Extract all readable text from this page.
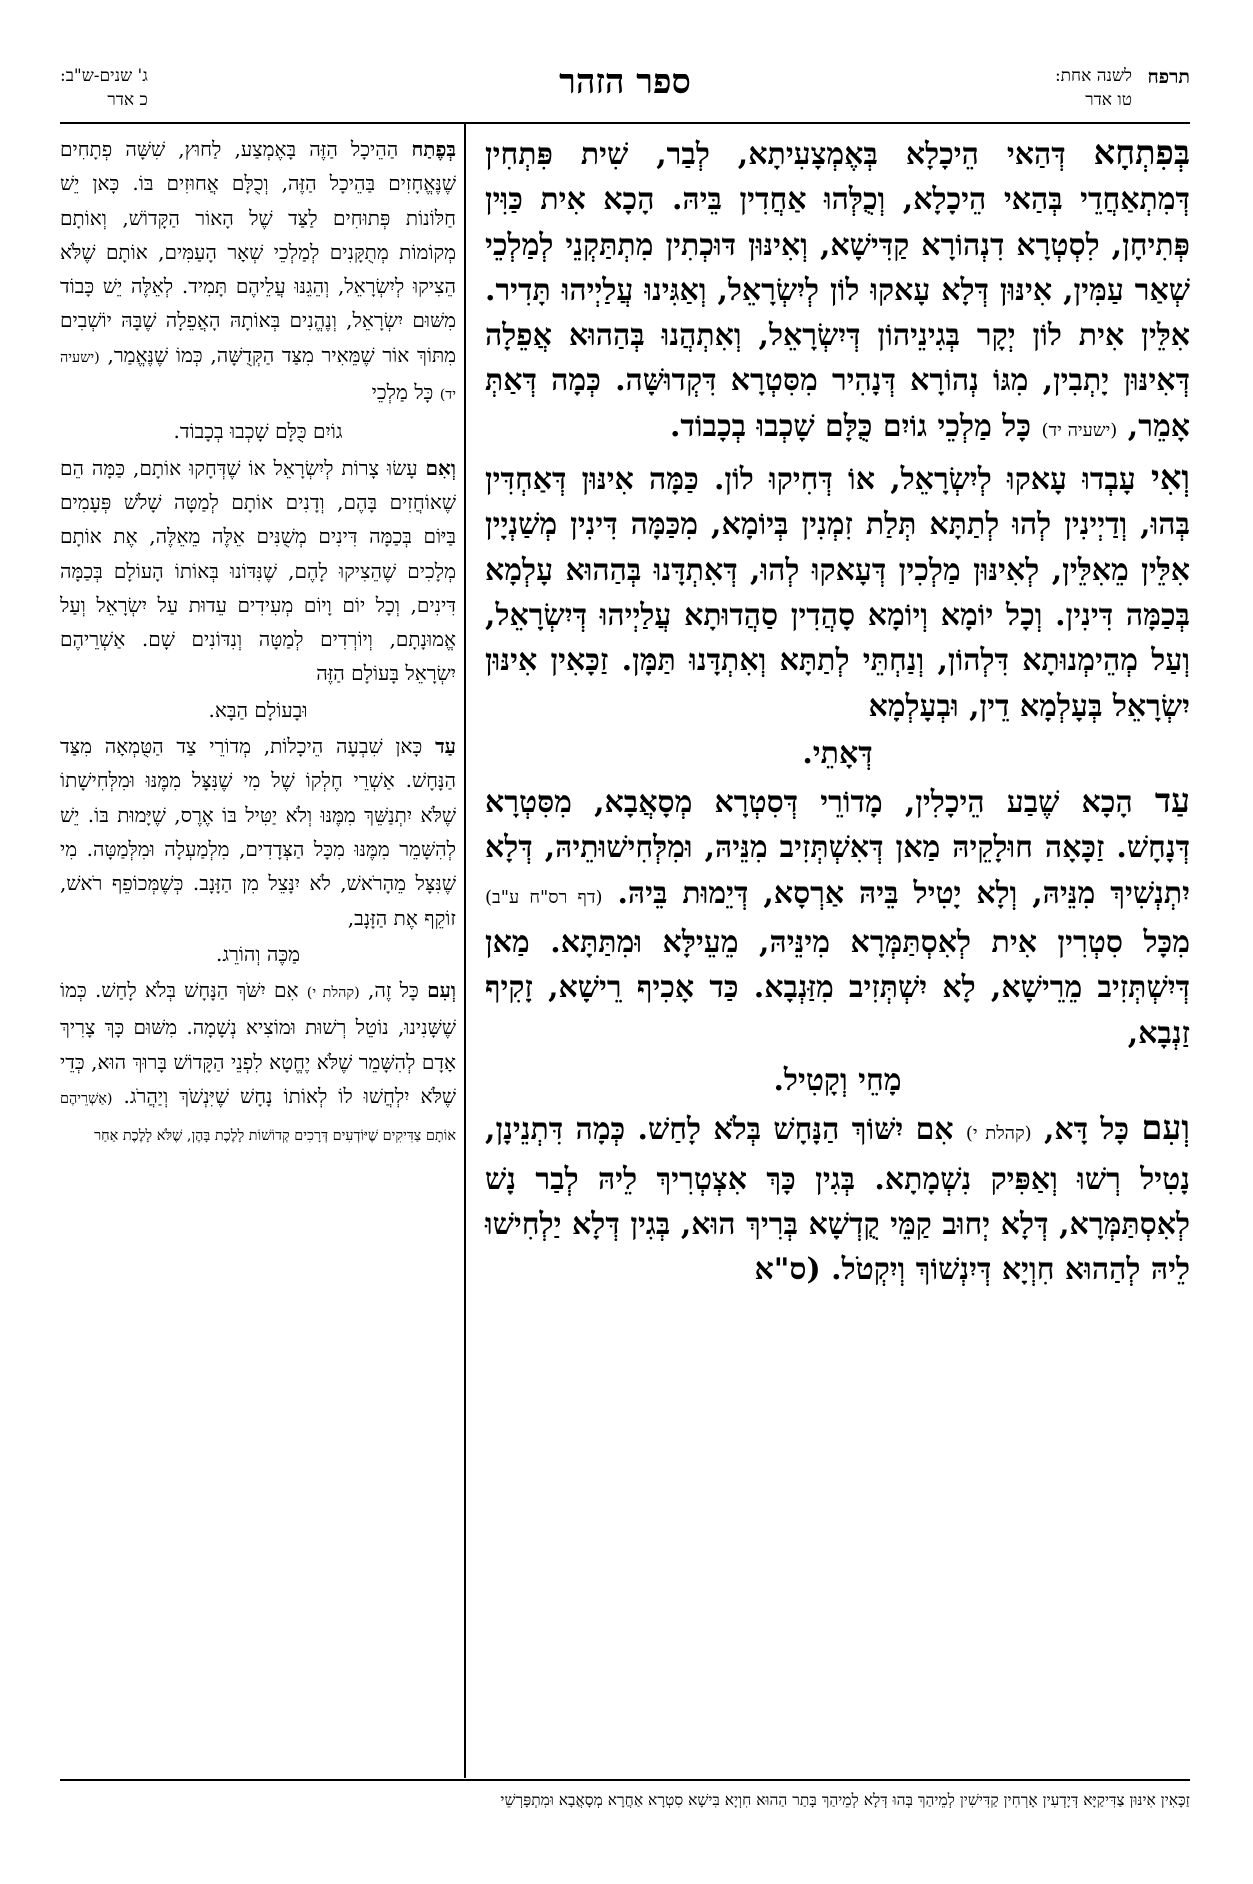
תרפח
לשנה אחת:
טו אדר
ספר הזהר
ג' שנים-ש"ב:
כ אדר

בְּפִתְחָא דְּהַאי הֵיכָלָא בְּאֶמְצָעִיתָא, לְבַר, שִׁית פִּתְחִין דְּמִתְאַחֲדֵי בְּהַאי הֵיכָלָא, וְכֻלְּהוּ אַחֲדִין בֵּיהּ. הָכָא אִית כַּוִּין פְּתִיחָן, לִסְטְרָא דִנְהוֹרָא קַדִּישָׁא, וְאִינּוּן דּוּכְתִין מִתְתַּקְנֵי לְמַלְכֵי שְׁאַר עַמִּין, אִינּוּן דְּלָא עָאקוּ לוֹן לְיִשְׂרָאֵל, וְאַגִּינוּ עֲלַיְיהוּ תָּדִיר. אִלֵּין אִית לוֹן יְקָר בְּגִינֵיהוֹן דְּיִשְׂרָאֵל, וְאִתְהֲנוּ בְּהַהוּא אֲפֵלָה דְּאִינּוּן יָתְבִין, מִגּוֹ נְהוֹרָא דְּנָהִיר מִסִּטְרָא דִּקְדוּשָּׁה. כְּמָה דְּאַתְּ אָמֵר, (ישעיה יד) כָּל מַלְכֵי גוֹיִם כֻּלָּם שָׁכְבוּ בְכָבוֹד.

וְאִי עָבְדוּ עָאקוּ לְיִשְׂרָאֵל, אוֹ דְּחִיקוּ לוֹן. כַּמָּה אִינּוּן דְּאַחְדִּין בְּהוּ, וְדַיְינִין לְהוּ לְתַתָּא תְּלַת זִמְנִין בְּיוֹמָא, מִכַּמָּה דִּינִין מְשַׁנְיָין אִלֵּין מֵאִלֵּין, לְאִינּוּן מַלְכִין דְּעָאקוּ לְהוּ, דְּאִתְדָּנוּ בְּהַהוּא עָלְמָא בְּכַמָּה דִּינִין. וְכָל יוֹמָא וְיוֹמָא סָהֲדִין סַהֲדוּתָא עֲלַיְיהוּ דְּיִשְׂרָאֵל, וְעַל מְהֵימְנוּתָא דִּלְהוֹן, וְנַחְתֵּי לְתַתָּא וְאִתְדָּנוּ תַּמָּן. זַכָּאִין אִינּוּן יִשְׂרָאֵל בְּעָלְמָא דֵין, וּבְעָלְמָא

דְּאָתֵי.

עַד הָכָא שֶׁבַע הֵיכָלִין, מָדוֹרֵי דְּסִטְרָא מְסָאֲבָא, מִסִּטְרָא דְּנָחָשׁ. זַכָּאָה חוּלָקֵיהּ מַאן דְּאִשְׁתְּזִיב מִנֵּיהּ, וּמִלְּחִישׁוּתֵיהּ, דְּלָא יִתְנְשִׁיךְ מִנֵּיהּ, וְלָא יָטִיל בֵּיהּ אַרְסָא, דְּיֵמוּת בֵּיהּ. (דף רס"ח ע"ב) מִכָּל סִטְרִין אִית לְאִסְתַּמְּרָא מִינֵּיהּ, מֵעֵילָּא וּמִתַּתָּא. מַאן דְּיִשְׁתְּזִיב מֵרֵישָׁא, לָא יִשְׁתְּזִיב מִזַּנְבָא. כַּד אָכִיף רֵישָׁא, זָקִיף זַנְבָא,

מָחֵי וְקָטִיל.

וְעִם כָּל דָּא, (קהלת י) אִם יִשּׁוֹךְ הַנָּחָשׁ בְּלֹא לָחַשׁ. כְּמָה דִּתְנֵינָן, נָטִיל רְשׁוּ וְאַפִּיק נִשְׁמָתָא. בְּגִין כָּךְ אִצְטְרִיךְ לֵיהּ לְבַר נָשׁ לְאִסְתַּמְּרָא, דְּלָא יְחוּב קַמֵּי קֻדְשָׁא בְּרִיךְ הוּא, בְּגִין דְּלָא יַלְחִישׁוּ לֵיהּ לְהַהוּא חִוְיָא דְּיִנְשׁוֹךְ וְיִקְטֹל. (ס"א

בְּפֶתַח הַהֵיכָל הַזֶּה בָּאֶמְצַע, לַחוּץ, שִׁשָּׁה פְתָחִים שֶׁנֶּאֱחָזִים בַּהֵיכָל הַזֶּה, וְכֻלָּם אֲחוּזִים בּוֹ. כָּאן יֵשׁ חַלּוֹנוֹת פְּתוּחִים לַצַּד שֶׁל הָאוֹר הַקָּדוֹשׁ, וְאוֹתָם מְקוֹמוֹת מְתֻקָּנִים לְמַלְכֵי שְׁאָר הָעַמִּים, אוֹתָם שֶׁלֹּא הֵצִיקוּ לְיִשְׂרָאֵל, וְהֵגֵנּוּ עֲלֵיהֶם תָּמִיד. לְאֵלֶּה יֵשׁ כָּבוֹד מִשּׁוּם יִשְׂרָאֵל, וְנֶהֱנִים בְּאוֹתָהּ הָאֲפֵלָה שֶׁבָּהּ יוֹשְׁבִים מִתּוֹךְ אוֹר שֶׁמֵּאִיר מִצַּד הַקְּדֻשָּׁה, כְּמוֹ שֶׁנֶּאֱמַר, (ישעיה יד) כָּל מַלְכֵי

גוֹיִם כֻּלָּם שָׁכְבוּ בְכָבוֹד.

וְאִם עָשׂוּ צָרוֹת לְיִשְׂרָאֵל אוֹ שֶׁדְּחָקוּ אוֹתָם, כַּמָּה הֵם שֶׁאוֹחֲזִים בָּהֶם, וְדָנִים אוֹתָם לְמַטָּה שָׁלֹשׁ פְּעָמִים בַּיּוֹם בְּכַמָּה דִּינִים מְשֻׁנִּים אֵלֶּה מֵאֵלֶּה, אֶת אוֹתָם מְלָכִים שֶׁהֵצִיקוּ לָהֶם, שֶׁנִּדּוֹנוּ בְּאוֹתוֹ הָעוֹלָם בְּכַמָּה דִּינִים, וְכָל יוֹם וָיוֹם מְעִידִים עֵדוּת עַל יִשְׂרָאֵל וְעַל אֱמוּנָתָם, וְיוֹרְדִים לְמַטָּה וְנִדּוֹנִים שָׁם. אַשְׁרֵיהֶם יִשְׂרָאֵל בָּעוֹלָם הַזֶּה

וּבָעוֹלָם הַבָּא.

עַד כָּאן שִׁבְעָה הֵיכָלוֹת, מְדוֹרֵי צַד הַטֻּמְאָה מִצַּד הַנָּחָשׁ. אַשְׁרֵי חֶלְקוֹ שֶׁל מִי שֶׁנִּצָּל מִמֶּנּוּ וּמִלְּחִישָׁתוֹ שֶׁלֹּא יִתְנַשֵּׁךְ מִמֶּנּוּ וְלֹא יַטִּיל בּוֹ אֶרֶס, שֶׁיָּמוּת בּוֹ. יֵשׁ לְהִשָּׁמֵר מִמֶּנּוּ מִכָּל הַצְּדָדִים, מִלְמַעְלָה וּמִלְּמַטָּה. מִי שֶׁנִּצָּל מֵהָרֹאשׁ, לֹא יִנָּצֵל מִן הַזָּנָב. כְּשֶׁמְּכוֹפֵף רֹאשׁ, זוֹקֵף אֶת הַזָּנָב,

מַכֶּה וְהוֹרֵג.

וְעִם כָּל זֶה, (קהלת י) אִם יִשֹּׁךְ הַנָּחָשׁ בְּלֹא לָחַשׁ. כְּמוֹ שֶׁשָּׁנִינוּ, נוֹטֵל רְשׁוּת וּמוֹצִיא נְשָׁמָה. מִשּׁוּם כָּךְ צָרִיךְ אָדָם לְהִשָּׁמֵר שֶׁלֹּא יֶחֱטָא לִפְנֵי הַקָּדוֹשׁ בָּרוּךְ הוּא, כְּדֵי שֶׁלֹּא יִלְחֲשׁוּ לוֹ לְאוֹתוֹ נָחָשׁ שֶׁיִּנְשֹׁךְ וְיַהֲרֹג. (אַשְׁרֵיהֶם אוֹתָם צַדִּיקִים שֶׁיּוֹדְעִים דְּרָכִים קְדוֹשׁוֹת לָלֶכֶת בָּהֶן, שֶׁלֹּא לָלֶכֶת אַחַר

זַכָּאִין אִינּוּן צַדִּיקַיָּא דְּיָדְעִין אָרְחִין קַדִּישִׁין לְמֵיהַךְ בְּהוּ דְּלָא לְמֵיהַךְ בָּתַר הַהוּא חִוְיָא בִּישָׁא סִטְרָא אַחֲרָא מְסָאֲבָא וּמִתְפָּרְשֵׁי
